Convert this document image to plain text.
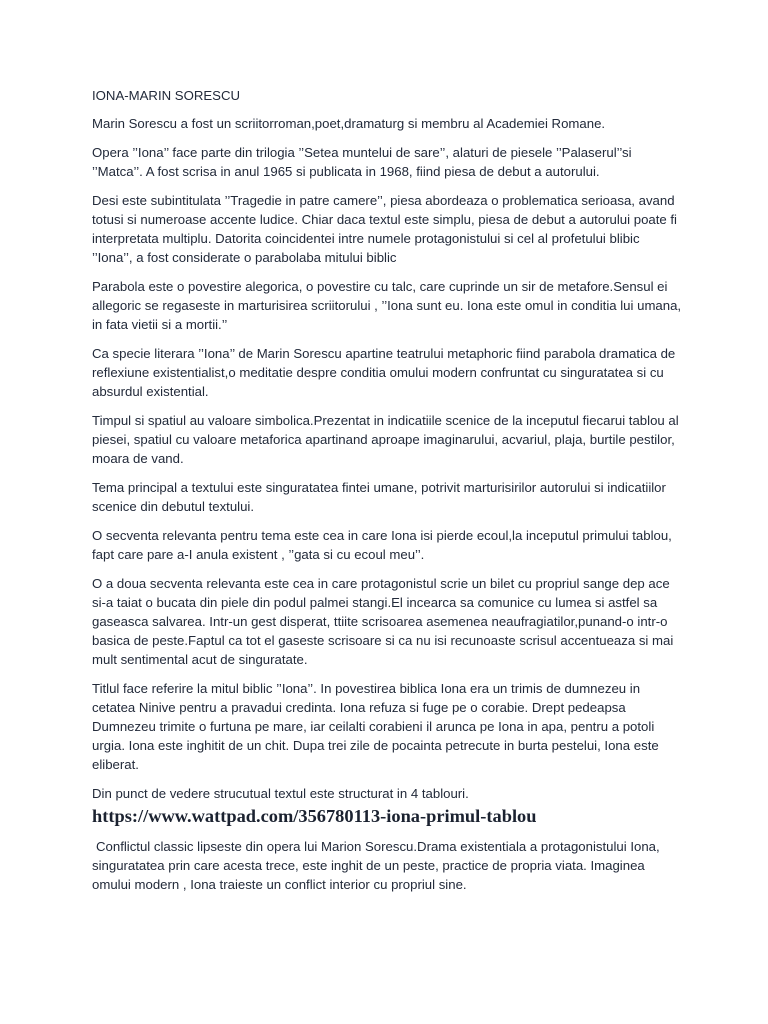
IONA-MARIN SORESCU

Marin Sorescu a fost un scriitorroman,poet,dramaturg si membru al Academiei Romane.

Opera ’’Iona’’ face parte din trilogia ’’Setea muntelui de sare’’, alaturi de piesele ’’Palaserul’’si ’’Matca’’. A fost scrisa in anul 1965 si publicata in 1968, fiind piesa de debut a autorului.

Desi este subintitulata ’’Tragedie in patre camere’’, piesa abordeaza o problematica serioasa, avand totusi si numeroase accente ludice. Chiar daca textul este simplu, piesa de debut a autorului poate fi interpretata multiplu. Datorita coincidentei intre numele protagonistului si cel al profetului blibic ’’Iona’’, a fost considerate o parabolaba mitului biblic

Parabola este o povestire alegorica, o povestire cu talc, care cuprinde un sir de metafore.Sensul ei allegoric se regaseste in marturisirea scriitorului , ’’Iona sunt eu. Iona este omul in conditia lui umana, in fata vietii si a mortii.’’

Ca specie literara ’’Iona’’ de Marin Sorescu apartine teatrului metaphoric fiind parabola dramatica de reflexiune existentialist,o meditatie despre conditia omului modern confruntat cu singuratatea si cu absurdul existential.

Timpul si spatiul au valoare simbolica.Prezentat in indicatiile scenice de la inceputul fiecarui tablou al piesei, spatiul cu valoare metaforica apartinand aproape imaginarului, acvariul, plaja, burtile pestilor, moara de vand.

Tema principal a textului este singuratatea fintei umane, potrivit marturisirilor autorului si indicatiilor scenice din debutul textului.

O secventa relevanta pentru tema este cea in care Iona isi pierde ecoul,la inceputul primului tablou, fapt care pare a-I anula existent , ’’gata si cu ecoul meu’’.

O a doua secventa relevanta este cea in care protagonistul scrie un bilet cu propriul sange dep ace si-a taiat o bucata din piele din podul palmei stangi.El incearca sa comunice cu lumea si astfel sa gaseasca salvarea. Intr-un gest disperat, ttiite scrisoarea asemenea neaufragiatilor,punand-o intr-o basica de peste.Faptul ca tot el gaseste scrisoare si ca nu isi recunoaste scrisul accentueaza si mai mult sentimental acut de singuratate.

Titlul face referire la mitul biblic ’’Iona’’. In povestirea biblica Iona era un trimis de dumnezeu in cetatea Ninive pentru a pravadui credinta. Iona refuza si fuge pe o corabie. Drept pedeapsa Dumnezeu trimite o furtuna pe mare, iar ceilalti corabieni il arunca pe Iona in apa, pentru a potoli urgia. Iona este inghitit de un chit. Dupa trei zile de pocainta petrecute in burta pestelui, Iona este eliberat.

Din punct de vedere strucutual textul este structurat in 4 tablouri.

https://www.wattpad.com/356780113-iona-primul-tablou

Conflictul classic lipseste din opera lui Marion Sorescu.Drama existentiala a protagonistului Iona, singuratatea prin care acesta trece, este inghit de un peste, practice de propria viata. Imaginea omului modern , Iona traieste un conflict interior cu propriul sine.
